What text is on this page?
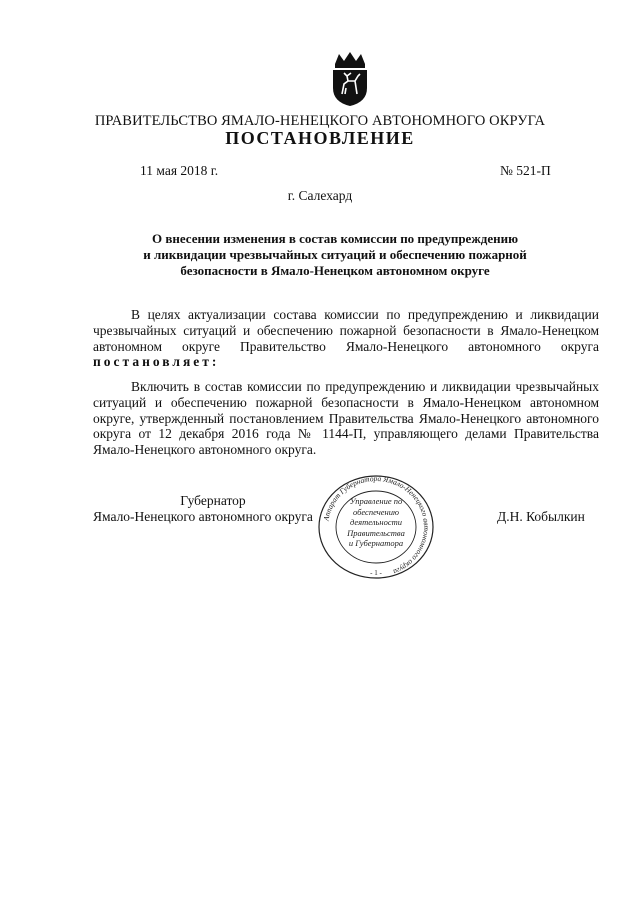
ПРАВИТЕЛЬСТВО ЯМАЛО-НЕНЕЦКОГО АВТОНОМНОГО ОКРУГА
ПОСТАНОВЛЕНИЕ
11 мая 2018 г.	№ 521-П
г. Салехард
О внесении изменения в состав комиссии по предупреждению
и ликвидации чрезвычайных ситуаций и обеспечению пожарной
безопасности в Ямало-Ненецком автономном округе
В целях актуализации состава комиссии по предупреждению и ликвидации чрезвычайных ситуаций и обеспечению пожарной безопасности в Ямало-Ненецком автономном округе Правительство Ямало-Ненецкого автономного округа постановляет:
Включить в состав комиссии по предупреждению и ликвидации чрезвычайных ситуаций и обеспечению пожарной безопасности в Ямало-Ненецком автономном округе, утвержденный постановлением Правительства Ямало-Ненецкого автономного округа от 12 декабря 2016 года № 1144-П, управляющего делами Правительства Ямало-Ненецкого автономного округа.
Губернатор
Ямало-Ненецкого автономного округа Аппарат Губернатора Ямало-Ненецкого автономного округа
- 1 -
Управление по
обеспечению
деятельности
Правительства
и Губернатора
Д.Н. Кобылкин
